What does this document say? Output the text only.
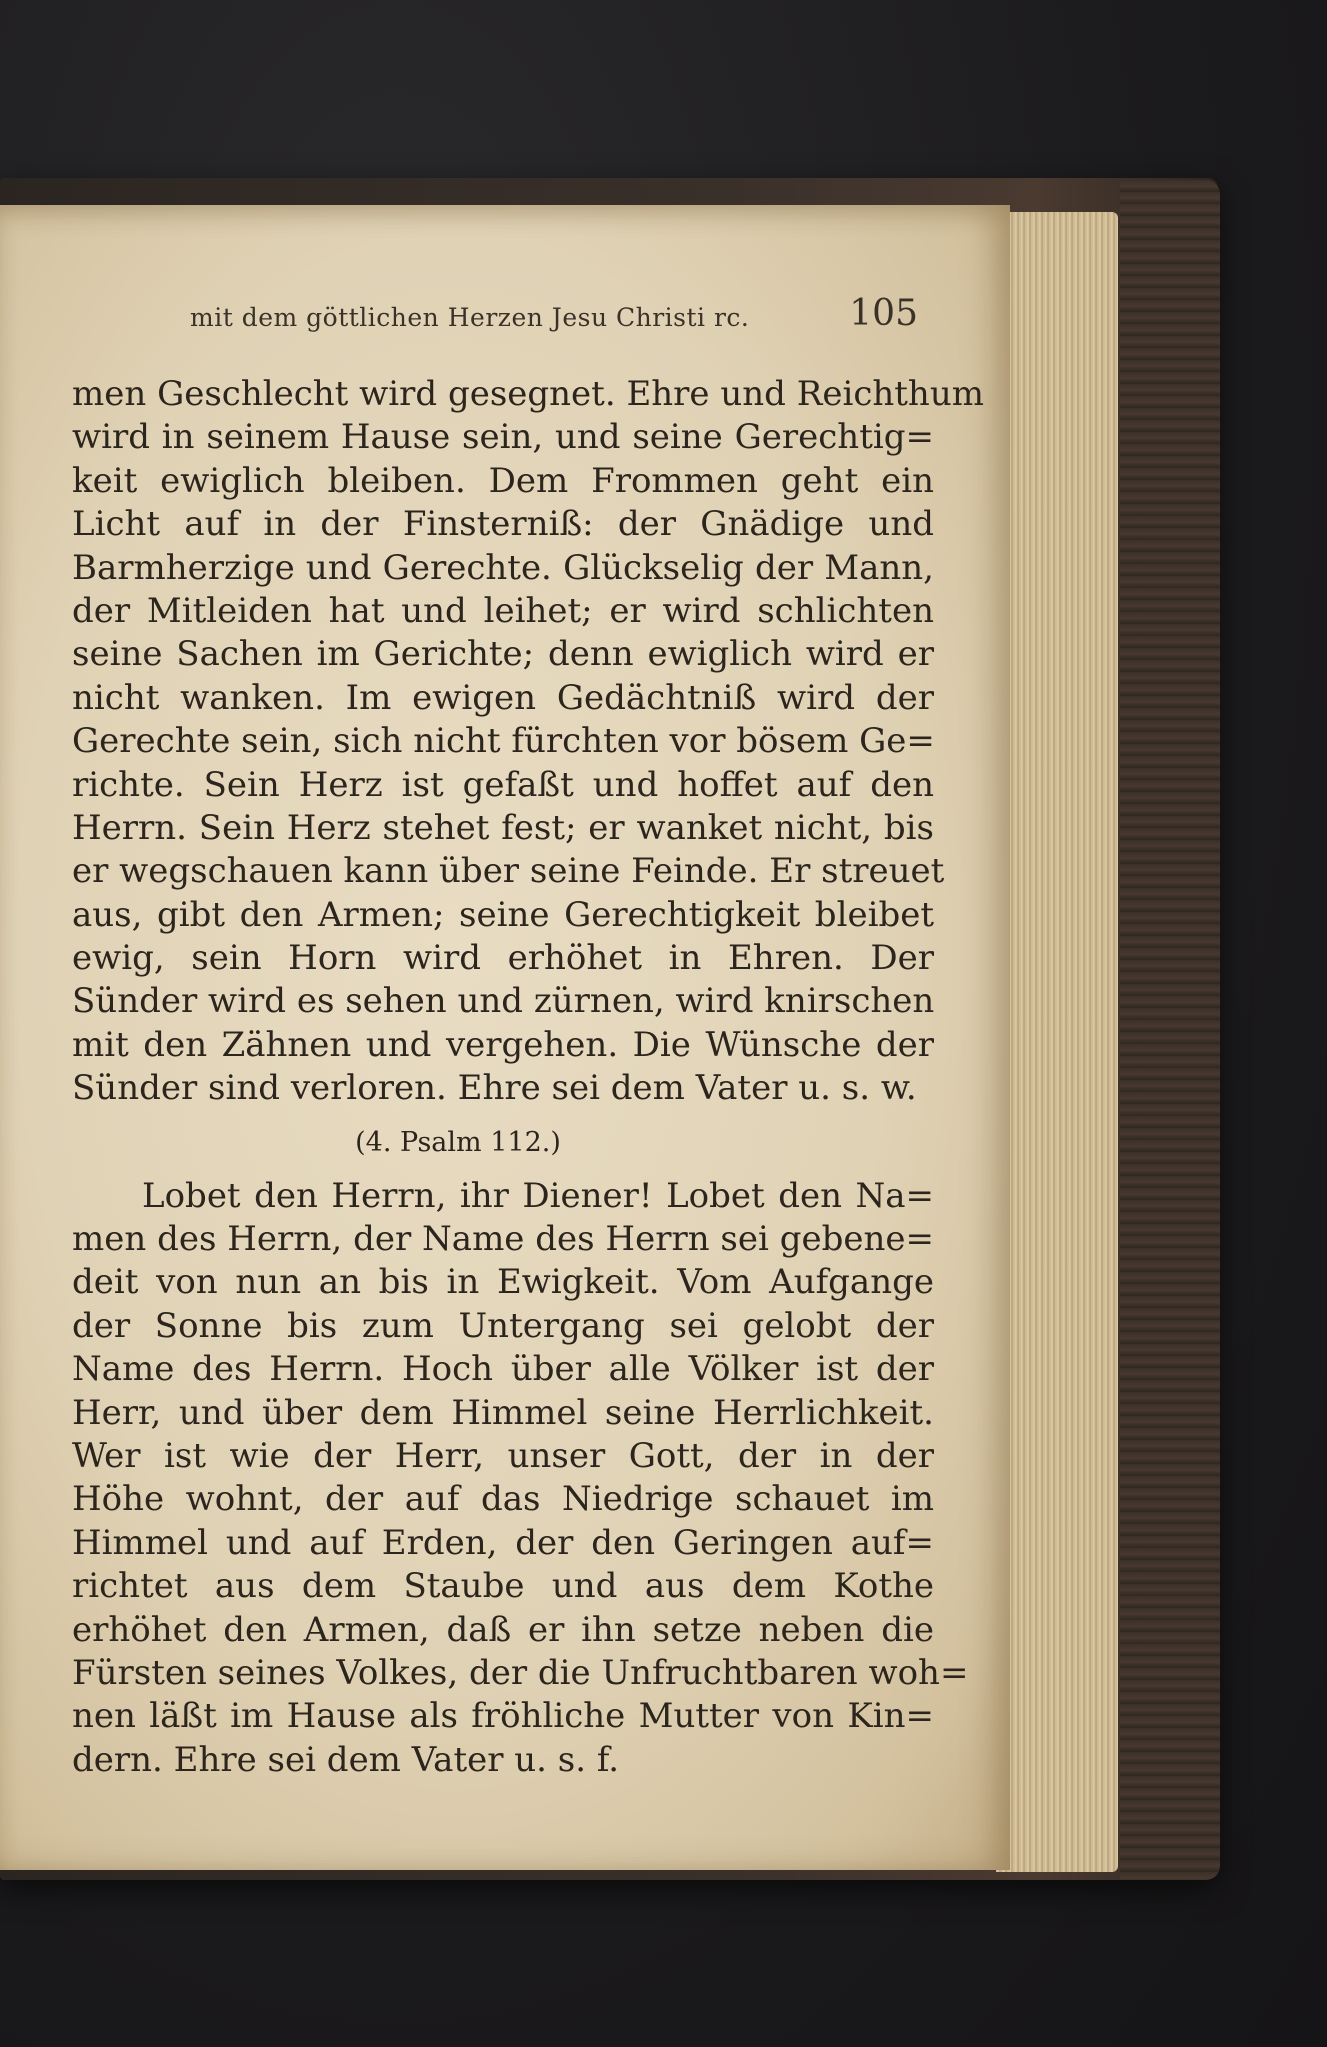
mit dem göttlichen Herzen Jesu Christi rc.	105
men Geschlecht wird gesegnet. Ehre und Reichthum
wird in seinem Hause sein, und seine Gerechtig=
keit ewiglich bleiben. Dem Frommen geht ein
Licht auf in der Finsterniß: der Gnädige und
Barmherzige und Gerechte. Glückselig der Mann,
der Mitleiden hat und leihet; er wird schlichten
seine Sachen im Gerichte; denn ewiglich wird er
nicht wanken. Im ewigen Gedächtniß wird der
Gerechte sein, sich nicht fürchten vor bösem Ge=
richte. Sein Herz ist gefaßt und hoffet auf den
Herrn. Sein Herz stehet fest; er wanket nicht, bis
er wegschauen kann über seine Feinde. Er streuet
aus, gibt den Armen; seine Gerechtigkeit bleibet
ewig, sein Horn wird erhöhet in Ehren. Der
Sünder wird es sehen und zürnen, wird knirschen
mit den Zähnen und vergehen. Die Wünsche der
Sünder sind verloren. Ehre sei dem Vater u. s. w.
(4. Psalm 112.)
Lobet den Herrn, ihr Diener! Lobet den Na=
men des Herrn, der Name des Herrn sei gebene=
deit von nun an bis in Ewigkeit. Vom Aufgange
der Sonne bis zum Untergang sei gelobt der
Name des Herrn. Hoch über alle Völker ist der
Herr, und über dem Himmel seine Herrlichkeit.
Wer ist wie der Herr, unser Gott, der in der
Höhe wohnt, der auf das Niedrige schauet im
Himmel und auf Erden, der den Geringen auf=
richtet aus dem Staube und aus dem Kothe
erhöhet den Armen, daß er ihn setze neben die
Fürsten seines Volkes, der die Unfruchtbaren woh=
nen läßt im Hause als fröhliche Mutter von Kin=
dern. Ehre sei dem Vater u. s. f.
